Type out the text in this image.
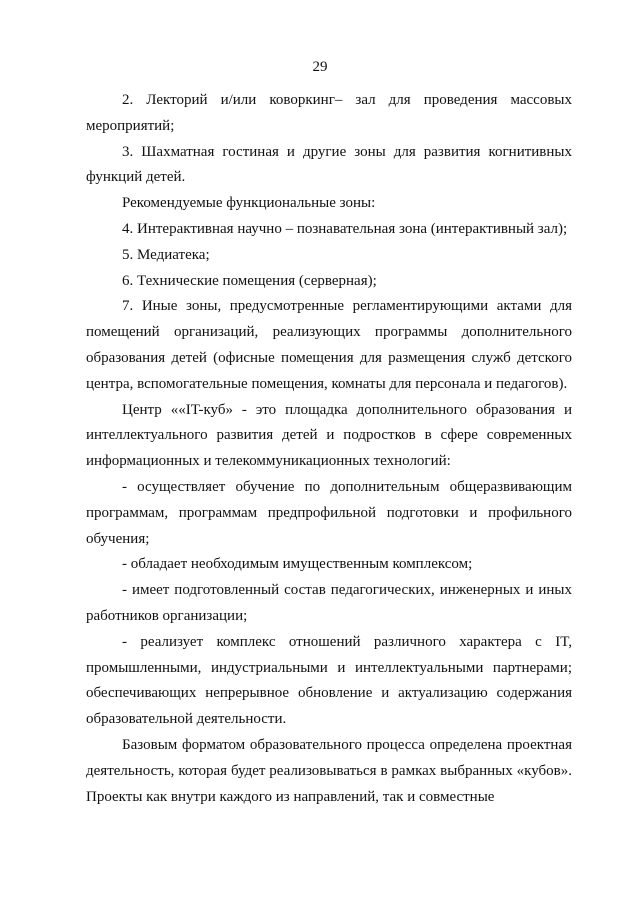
29

2. Лекторий и/или коворкинг– зал для проведения массовых мероприятий;

3. Шахматная гостиная и другие зоны для развития когнитивных функций детей.

Рекомендуемые функциональные зоны:

4. Интерактивная научно – познавательная зона (интерактивный зал);

5. Медиатека;

6. Технические помещения (серверная);

7. Иные зоны, предусмотренные регламентирующими актами для помещений организаций, реализующих программы дополнительного образования детей (офисные помещения для размещения служб детского центра, вспомогательные помещения, комнаты для персонала и педагогов).

Центр ««IT-куб» - это площадка дополнительного образования и интеллектуального развития детей и подростков в сфере современных информационных и телекоммуникационных технологий:

- осуществляет обучение по дополнительным общеразвивающим программам, программам предпрофильной подготовки и профильного обучения;

- обладает необходимым имущественным комплексом;

- имеет подготовленный состав педагогических, инженерных и иных работников организации;

- реализует комплекс отношений различного характера с IT, промышленными, индустриальными и интеллектуальными партнерами; обеспечивающих непрерывное обновление и актуализацию содержания образовательной деятельности.

Базовым форматом образовательного процесса определена проектная деятельность, которая будет реализовываться в рамках выбранных «кубов». Проекты как внутри каждого из направлений, так и совместные
